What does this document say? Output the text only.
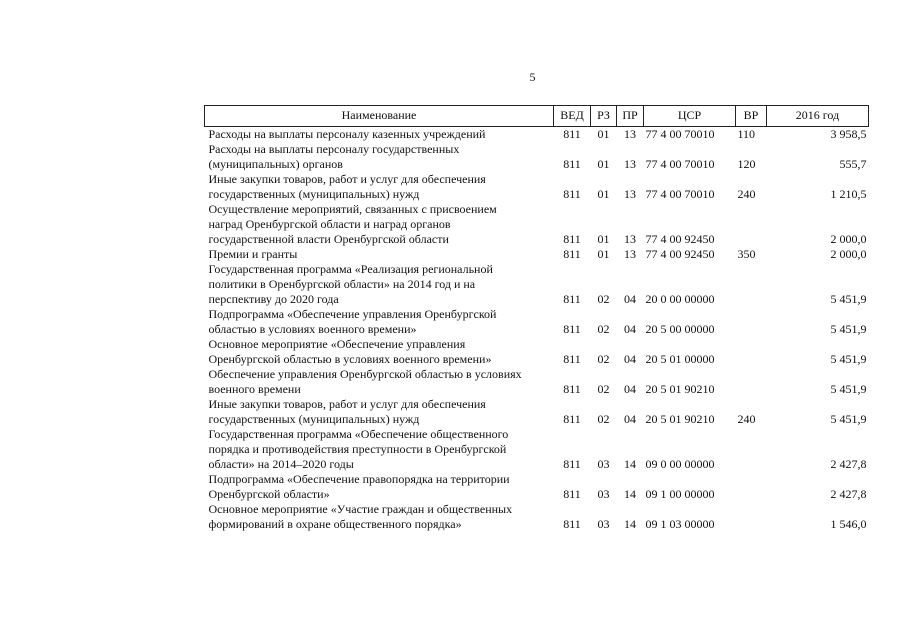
5
Наименование	ВЕД	РЗ	ПР	ЦСР	ВР	2016 год

Расходы на выплаты персоналу казенных учреждений	811	01	13	77 4 00 70010	110	3 958,5

Расходы на выплаты персоналу государственных
(муниципальных) органов	811	01	13	77 4 00 70010	120	555,7

Иные закупки товаров, работ и услуг для обеспечения
государственных (муниципальных) нужд	811	01	13	77 4 00 70010	240	1 210,5

Осуществление мероприятий, связанных с присвоением
наград Оренбургской области и наград органов
государственной власти Оренбургской области	811	01	13	77 4 00 92450		2 000,0

Премии и гранты	811	01	13	77 4 00 92450	350	2 000,0

Государственная программа «Реализация региональной
политики в Оренбургской области» на 2014 год и на
перспективу до 2020 года	811	02	04	20 0 00 00000		5 451,9

Подпрограмма «Обеспечение управления Оренбургской
областью в условиях военного времени»	811	02	04	20 5 00 00000		5 451,9

Основное мероприятие «Обеспечение управления
Оренбургской областью в условиях военного времени»	811	02	04	20 5 01 00000		5 451,9

Обеспечение управления Оренбургской областью в условиях
военного времени	811	02	04	20 5 01 90210		5 451,9

Иные закупки товаров, работ и услуг для обеспечения
государственных (муниципальных) нужд	811	02	04	20 5 01 90210	240	5 451,9

Государственная программа «Обеспечение общественного
порядка и противодействия преступности в Оренбургской
области» на 2014–2020 годы	811	03	14	09 0 00 00000		2 427,8

Подпрограмма «Обеспечение правопорядка на территории
Оренбургской области»	811	03	14	09 1 00 00000		2 427,8

Основное мероприятие «Участие граждан и общественных
формирований в охране общественного порядка»	811	03	14	09 1 03 00000		1 546,0
